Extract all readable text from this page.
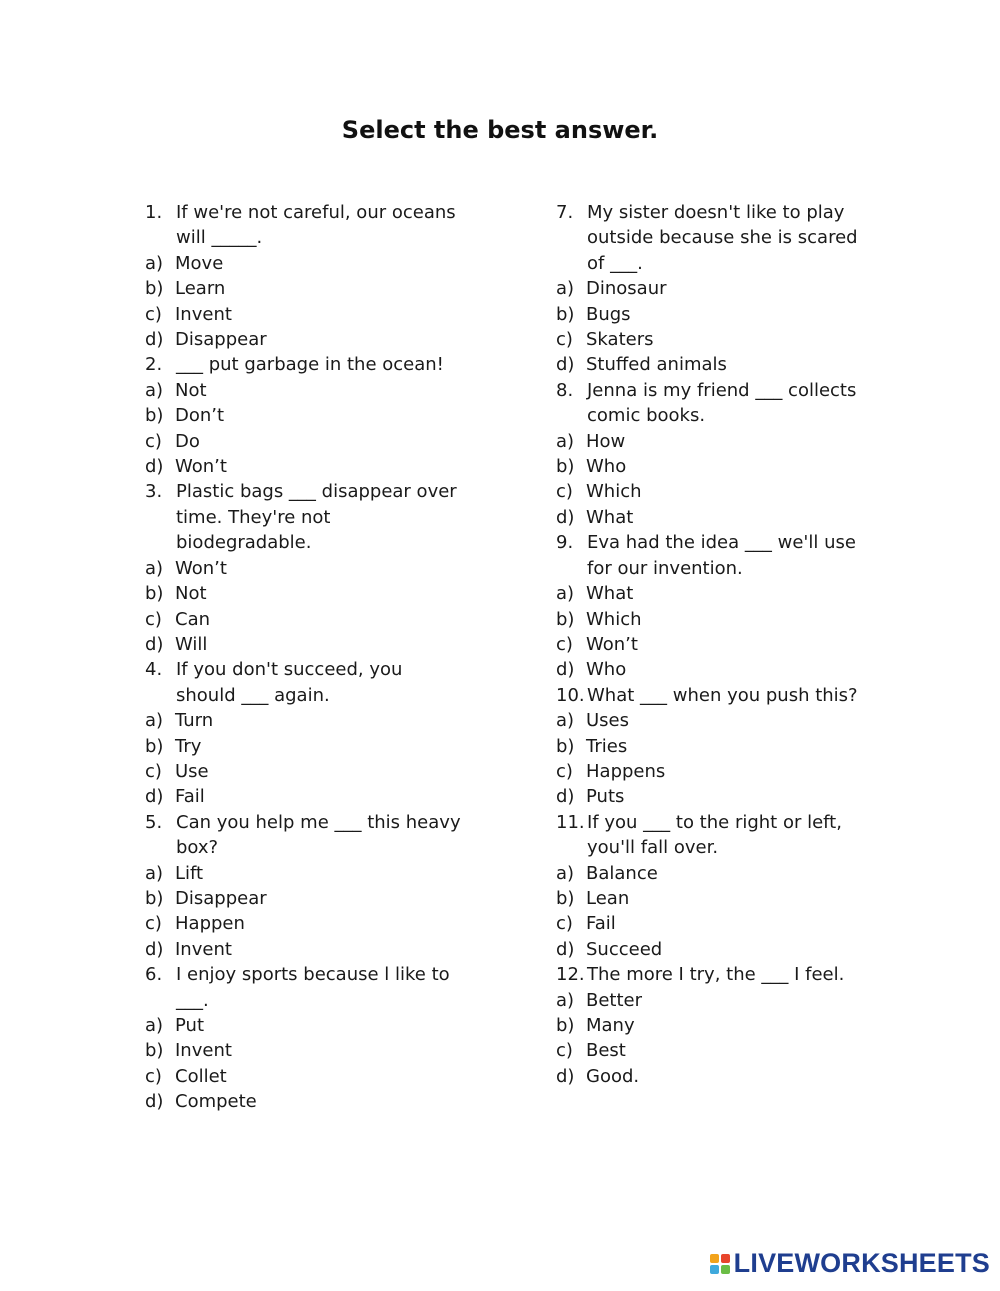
Select the best answer.
1. If we're not careful, our oceans will _____.
a) Move
b) Learn
c) Invent
d) Disappear
2. ___ put garbage in the ocean!
a) Not
b) Don’t
c) Do
d) Won’t
3. Plastic bags ___ disappear over time. They're not biodegradable.
a) Won’t
b) Not
c) Can
d) Will
4. If you don't succeed, you should ___ again.
a) Turn
b) Try
c) Use
d) Fail
5. Can you help me ___ this heavy box?
a) Lift
b) Disappear
c) Happen
d) Invent
6. I enjoy sports because l like to ___.
a) Put
b) Invent
c) Collet
d) Compete
7. My sister doesn't like to play outside because she is scared of ___.
a) Dinosaur
b) Bugs
c) Skaters
d) Stuffed animals
8. Jenna is my friend ___ collects comic books.
a) How
b) Who
c) Which
d) What
9. Eva had the idea ___ we'll use for our invention.
a) What
b) Which
c) Won’t
d) Who
10. What ___ when you push this?
a) Uses
b) Tries
c) Happens
d) Puts
11. If you ___ to the right or left, you'll fall over.
a) Balance
b) Lean
c) Fail
d) Succeed
12. The more I try, the ___ I feel.
a) Better
b) Many
c) Best
d) Good.
LIVEWORKSHEETS
